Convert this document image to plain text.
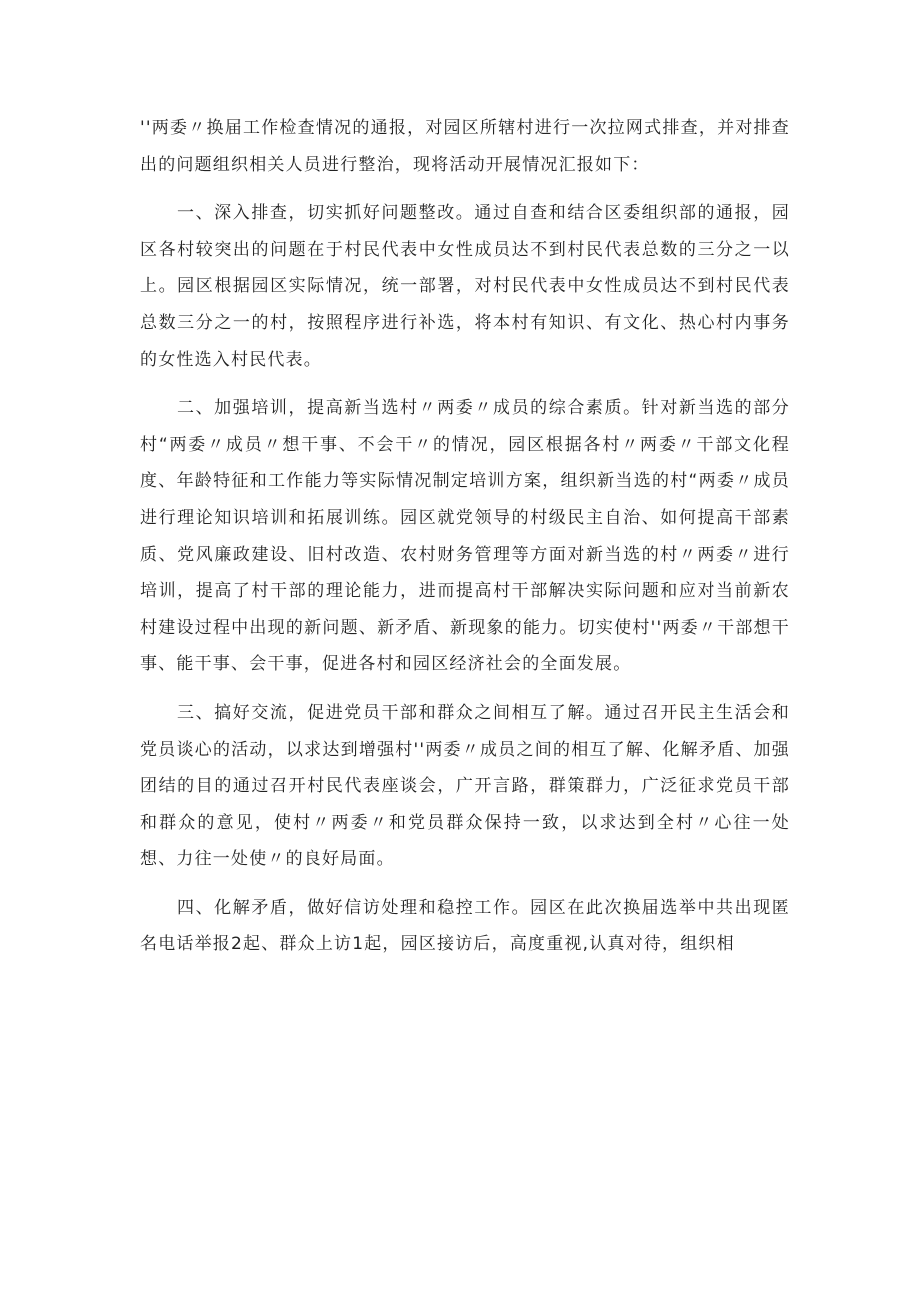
''两委〃换届工作检查情况的通报，对园区所辖村进行一次拉网式排查，并对排查出的问题组织相关人员进行整治，现将活动开展情况汇报如下：

一、深入排查，切实抓好问题整改。通过自查和结合区委组织部的通报，园区各村较突出的问题在于村民代表中女性成员达不到村民代表总数的三分之一以上。园区根据园区实际情况，统一部署，对村民代表中女性成员达不到村民代表总数三分之一的村，按照程序进行补选，将本村有知识、有文化、热心村内事务的女性选入村民代表。

二、加强培训，提高新当选村〃两委〃成员的综合素质。针对新当选的部分村“两委〃成员〃想干事、不会干〃的情况，园区根据各村〃两委〃干部文化程度、年龄特征和工作能力等实际情况制定培训方案，组织新当选的村“两委〃成员进行理论知识培训和拓展训练。园区就党领导的村级民主自治、如何提高干部素质、党风廉政建设、旧村改造、农村财务管理等方面对新当选的村〃两委〃进行培训，提高了村干部的理论能力，进而提高村干部解决实际问题和应对当前新农村建设过程中出现的新问题、新矛盾、新现象的能力。切实使村''两委〃干部想干事、能干事、会干事，促进各村和园区经济社会的全面发展。

三、搞好交流，促进党员干部和群众之间相互了解。通过召开民主生活会和党员谈心的活动，以求达到增强村''两委〃成员之间的相互了解、化解矛盾、加强团结的目的通过召开村民代表座谈会，广开言路，群策群力，广泛征求党员干部和群众的意见，使村〃两委〃和党员群众保持一致，以求达到全村〃心往一处想、力往一处使〃的良好局面。

四、化解矛盾，做好信访处理和稳控工作。园区在此次换届选举中共出现匿名电话举报2起、群众上访1起，园区接访后，高度重视,认真对待，组织相
